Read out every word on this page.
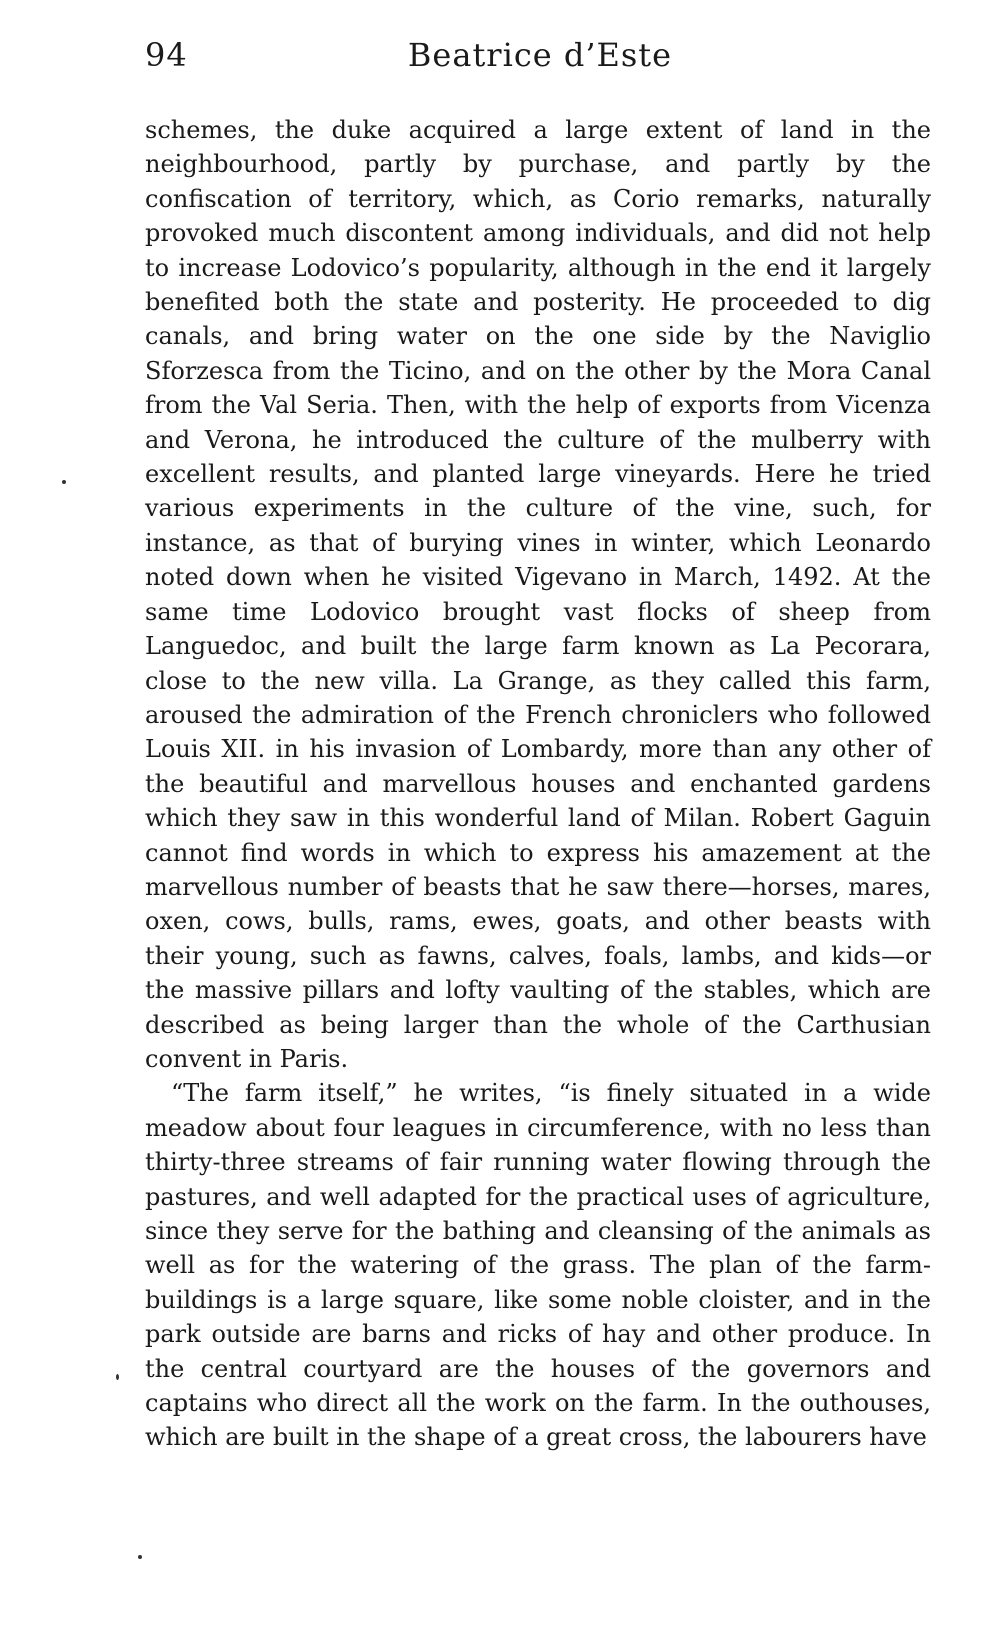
94	Beatrice d’Este

schemes, the duke acquired a large extent of land in the neighbourhood, partly by purchase, and partly by the confiscation of territory, which, as Corio remarks, naturally provoked much discontent among individuals, and did not help to increase Lodovico’s popularity, although in the end it largely benefited both the state and posterity. He proceeded to dig canals, and bring water on the one side by the Naviglio Sforzesca from the Ticino, and on the other by the Mora Canal from the Val Seria. Then, with the help of exports from Vicenza and Verona, he introduced the culture of the mulberry with excellent results, and planted large vineyards. Here he tried various experiments in the culture of the vine, such, for instance, as that of burying vines in winter, which Leonardo noted down when he visited Vigevano in March, 1492. At the same time Lodovico brought vast flocks of sheep from Languedoc, and built the large farm known as La Pecorara, close to the new villa. La Grange, as they called this farm, aroused the admiration of the French chroniclers who followed Louis XII. in his invasion of Lombardy, more than any other of the beautiful and marvellous houses and enchanted gardens which they saw in this wonderful land of Milan. Robert Gaguin cannot find words in which to express his amazement at the marvellous number of beasts that he saw there—horses, mares, oxen, cows, bulls, rams, ewes, goats, and other beasts with their young, such as fawns, calves, foals, lambs, and kids—or the massive pillars and lofty vaulting of the stables, which are described as being larger than the whole of the Carthusian convent in Paris.

“The farm itself,” he writes, “is finely situated in a wide meadow about four leagues in circumference, with no less than thirty-three streams of fair running water flowing through the pastures, and well adapted for the practical uses of agriculture, since they serve for the bathing and cleansing of the animals as well as for the watering of the grass. The plan of the farm-buildings is a large square, like some noble cloister, and in the park outside are barns and ricks of hay and other produce. In the central courtyard are the houses of the governors and captains who direct all the work on the farm. In the outhouses, which are built in the shape of a great cross, the labourers have
